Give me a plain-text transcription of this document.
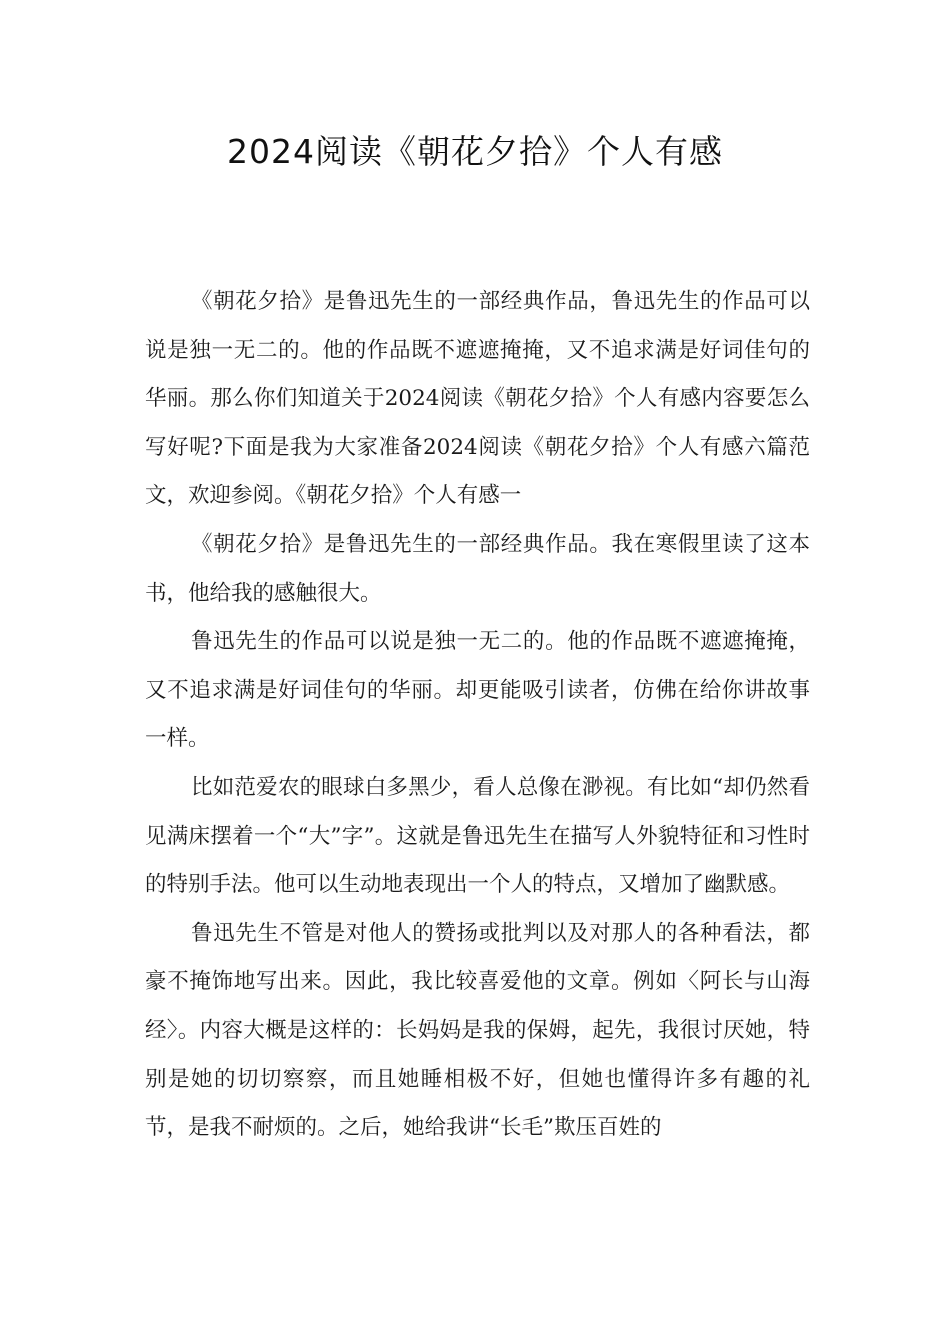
2024阅读《朝花夕拾》个人有感

《朝花夕拾》是鲁迅先生的一部经典作品，鲁迅先生的作品可以说是独一无二的。他的作品既不遮遮掩掩，又不追求满是好词佳句的华丽。那么你们知道关于2024阅读《朝花夕拾》个人有感内容要怎么写好呢?下面是我为大家准备2024阅读《朝花夕拾》个人有感六篇范文，欢迎参阅。《朝花夕拾》个人有感一

《朝花夕拾》是鲁迅先生的一部经典作品。我在寒假里读了这本书，他给我的感触很大。

鲁迅先生的作品可以说是独一无二的。他的作品既不遮遮掩掩，又不追求满是好词佳句的华丽。却更能吸引读者，仿佛在给你讲故事一样。

比如范爱农的眼球白多黑少，看人总像在渺视。有比如“却仍然看见满床摆着一个“大”字”。这就是鲁迅先生在描写人外貌特征和习性时的特别手法。他可以生动地表现出一个人的特点，又增加了幽默感。

鲁迅先生不管是对他人的赞扬或批判以及对那人的各种看法，都豪不掩饰地写出来。因此，我比较喜爱他的文章。例如〈阿长与山海经〉。内容大概是这样的：长妈妈是我的保姆，起先，我很讨厌她，特别是她的切切察察，而且她睡相极不好，但她也懂得许多有趣的礼节，是我不耐烦的。之后，她给我讲“长毛”欺压百姓的
